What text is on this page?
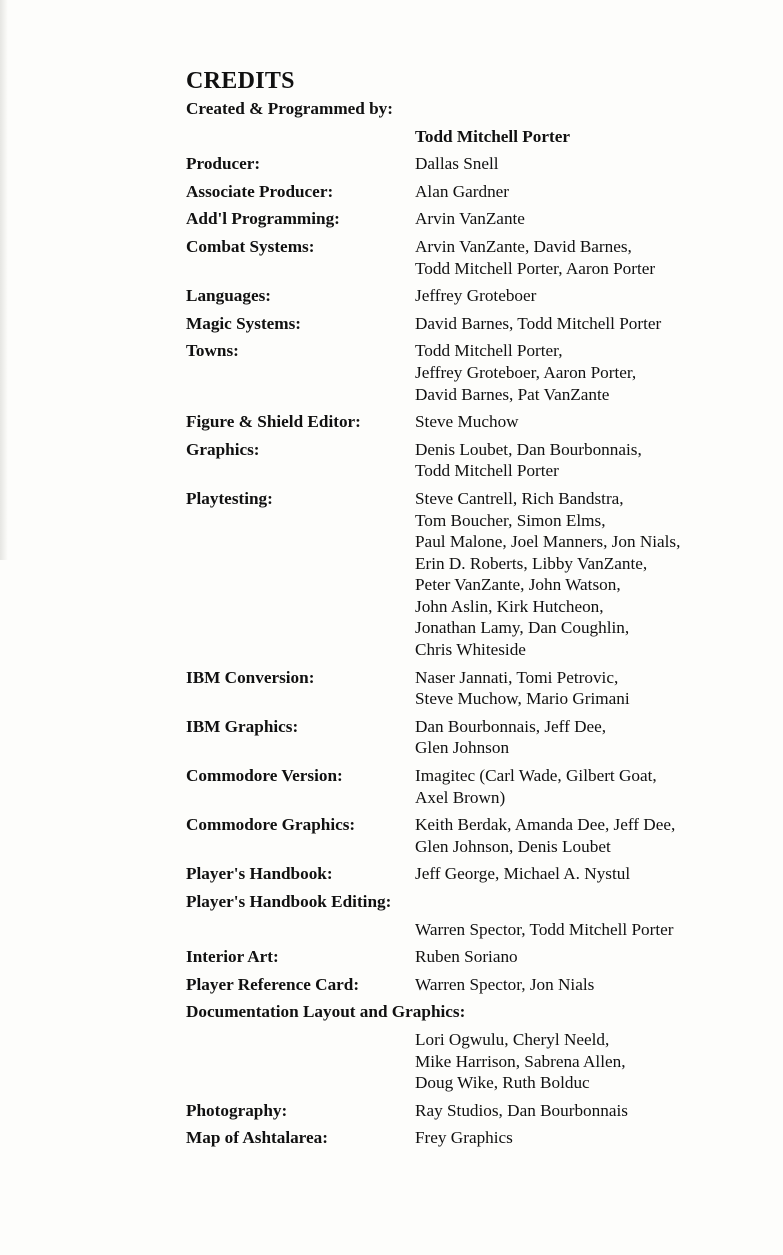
CREDITS
Created & Programmed by:
Todd Mitchell Porter
Producer:	Dallas Snell
Associate Producer:	Alan Gardner
Add'l Programming:	Arvin VanZante
Combat Systems:	Arvin VanZante, David Barnes,
Todd Mitchell Porter, Aaron Porter
Languages:	Jeffrey Groteboer
Magic Systems:	David Barnes, Todd Mitchell Porter
Towns:	Todd Mitchell Porter,
Jeffrey Groteboer, Aaron Porter,
David Barnes, Pat VanZante
Figure & Shield Editor:	Steve Muchow
Graphics:	Denis Loubet, Dan Bourbonnais,
Todd Mitchell Porter
Playtesting:	Steve Cantrell, Rich Bandstra,
Tom Boucher, Simon Elms,
Paul Malone, Joel Manners, Jon Nials,
Erin D. Roberts, Libby VanZante,
Peter VanZante, John Watson,
John Aslin, Kirk Hutcheon,
Jonathan Lamy, Dan Coughlin,
Chris Whiteside
IBM Conversion:	Naser Jannati, Tomi Petrovic,
Steve Muchow, Mario Grimani
IBM Graphics:	Dan Bourbonnais, Jeff Dee,
Glen Johnson
Commodore Version:	Imagitec (Carl Wade, Gilbert Goat,
Axel Brown)
Commodore Graphics:	Keith Berdak, Amanda Dee, Jeff Dee,
Glen Johnson, Denis Loubet
Player's Handbook:	Jeff George, Michael A. Nystul
Player's Handbook Editing:
Warren Spector, Todd Mitchell Porter
Interior Art:	Ruben Soriano
Player Reference Card:	Warren Spector, Jon Nials
Documentation Layout and Graphics:
Lori Ogwulu, Cheryl Neeld,
Mike Harrison, Sabrena Allen,
Doug Wike, Ruth Bolduc
Photography:	Ray Studios, Dan Bourbonnais
Map of Ashtalarea:	Frey Graphics
